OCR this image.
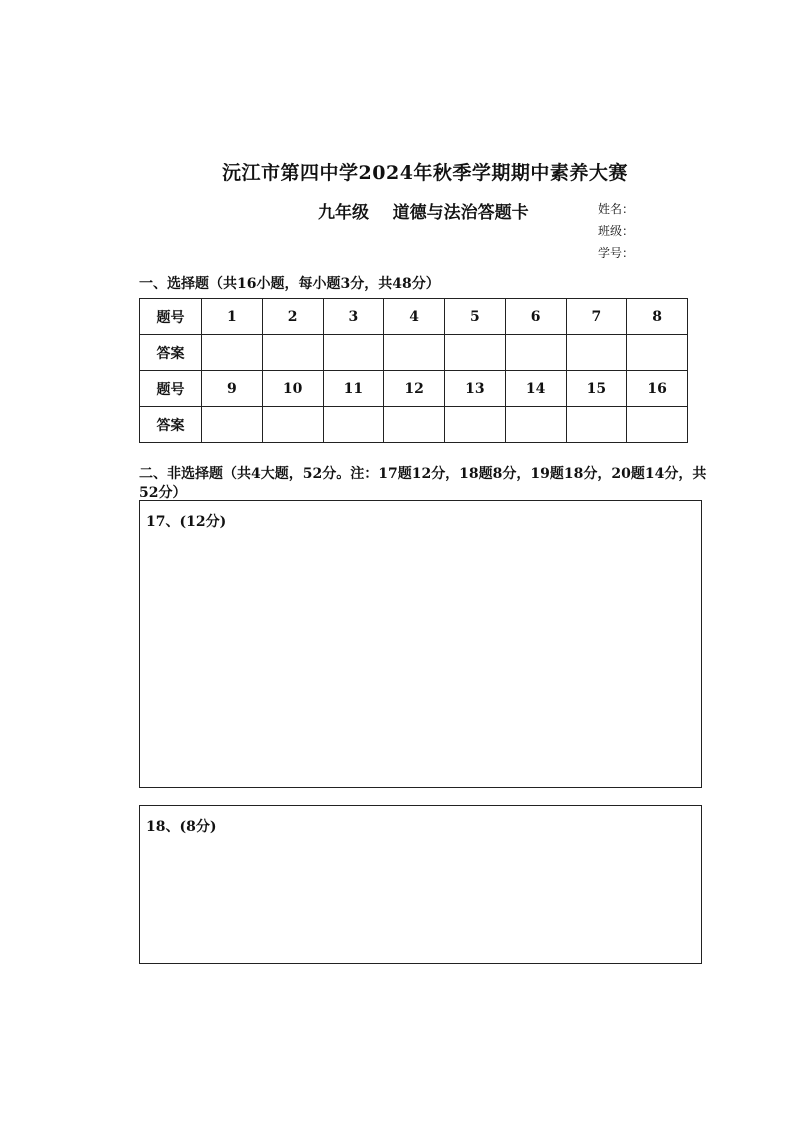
沅江市第四中学2024年秋季学期期中素养大赛
九年级    道德与法治答题卡	姓名：
班级：
学号：
一、选择题（共16小题，每小题3分，共48分）
题号	1	2	3	4	5	6	7	8
答案								
题号	9	10	11	12	13	14	15	16
答案								
二、非选择题（共4大题，52分。注：17题12分，18题8分，19题18分，20题14分，共52分）
17、(12分)
18、(8分)
